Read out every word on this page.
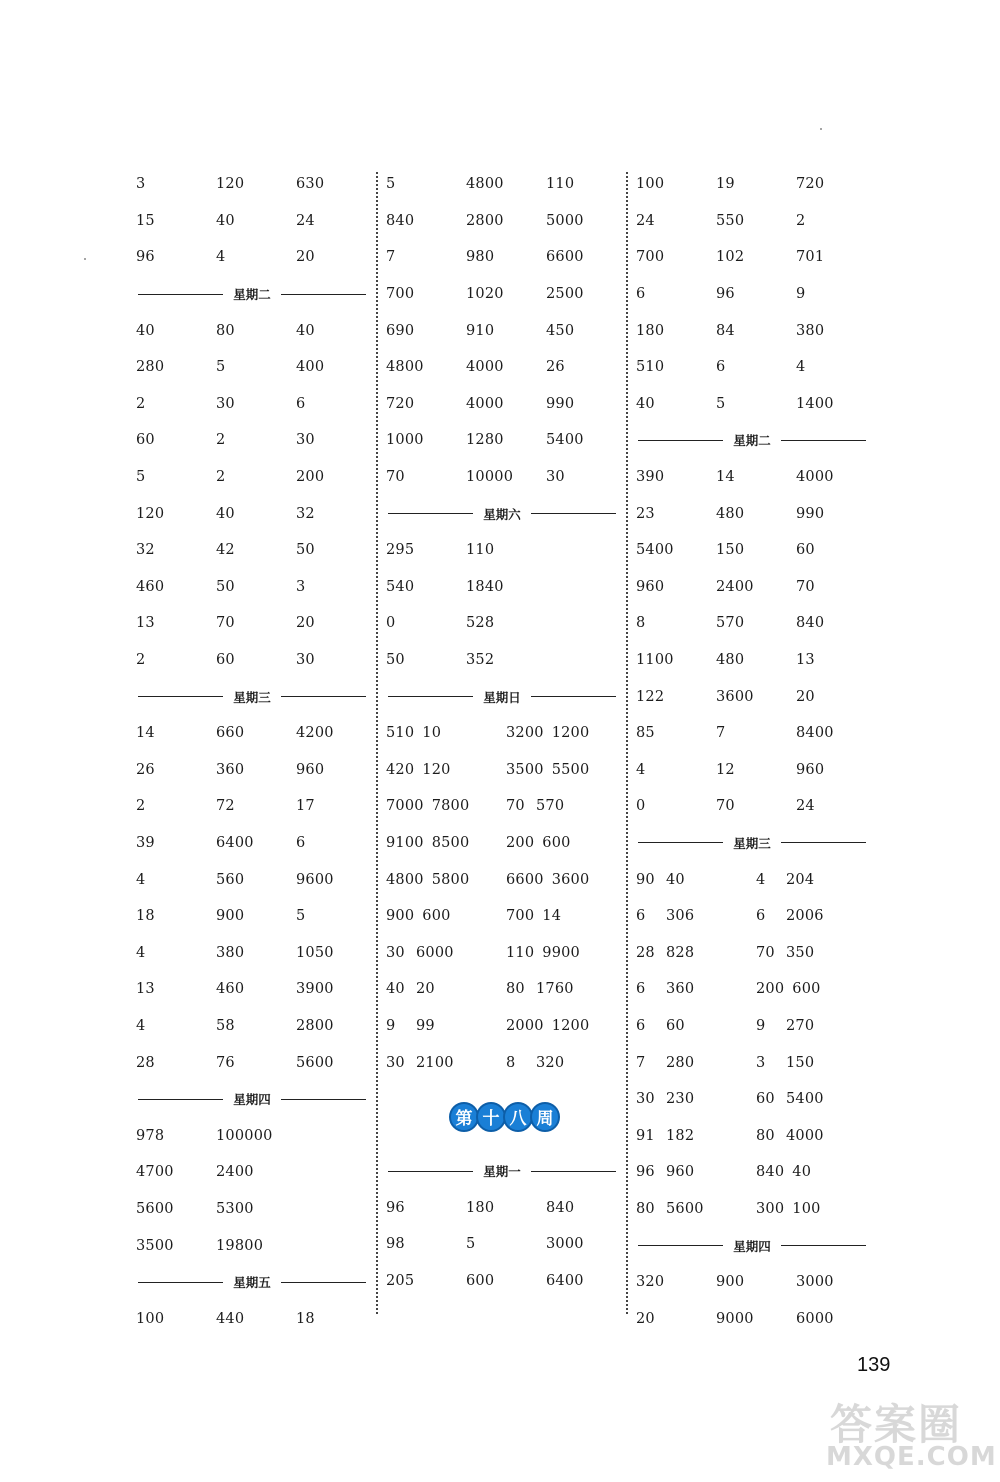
3	120	630
15	40	24
96	4	20
星期二
40	80	40
280	5	400
2	30	6
60	2	30
5	2	200
120	40	32
32	42	50
460	50	3
13	70	20
2	60	30
星期三
14	660	4200
26	360	960
2	72	17
39	6400	6
4	560	9600
18	900	5
4	380	1050
13	460	3900
4	58	2800
28	76	5600
星期四
978	100000
4700	2400
5600	5300
3500	19800
星期五
100	440	18
5	4800	110
840	2800	5000
7	980	6600
700	1020	2500
690	910	450
4800	4000	26
720	4000	990
1000	1280	5400
70	10000	30
星期六
295	110
540	1840
0	528
50	352
星期日
510 10	3200 1200
420 120	3500 5500
7000 7800	70 570
9100 8500	200 600
4800 5800	6600 3600
900 600	700 14
30 6000	110 9900
40 20	80 1760
9 99	2000 1200
30 2100	8 320
第 十 八 周
星期一
96	180	840
98	5	3000
205	600	6400
100	19	720
24	550	2
700	102	701
6	96	9
180	84	380
510	6	4
40	5	1400
星期二
390	14	4000
23	480	990
5400	150	60
960	2400	70
8	570	840
1100	480	13
122	3600	20
85	7	8400
4	12	960
0	70	24
星期三
90 40	4 204
6 306	6 2006
28 828	70 350
6 360	200 600
6 60	9 270
7 280	3 150
30 230	60 5400
91 182	80 4000
96 960	840 40
80 5600	300 100
星期四
320	900	3000
20	9000	6000
139
答案圈
MXQE.COM
